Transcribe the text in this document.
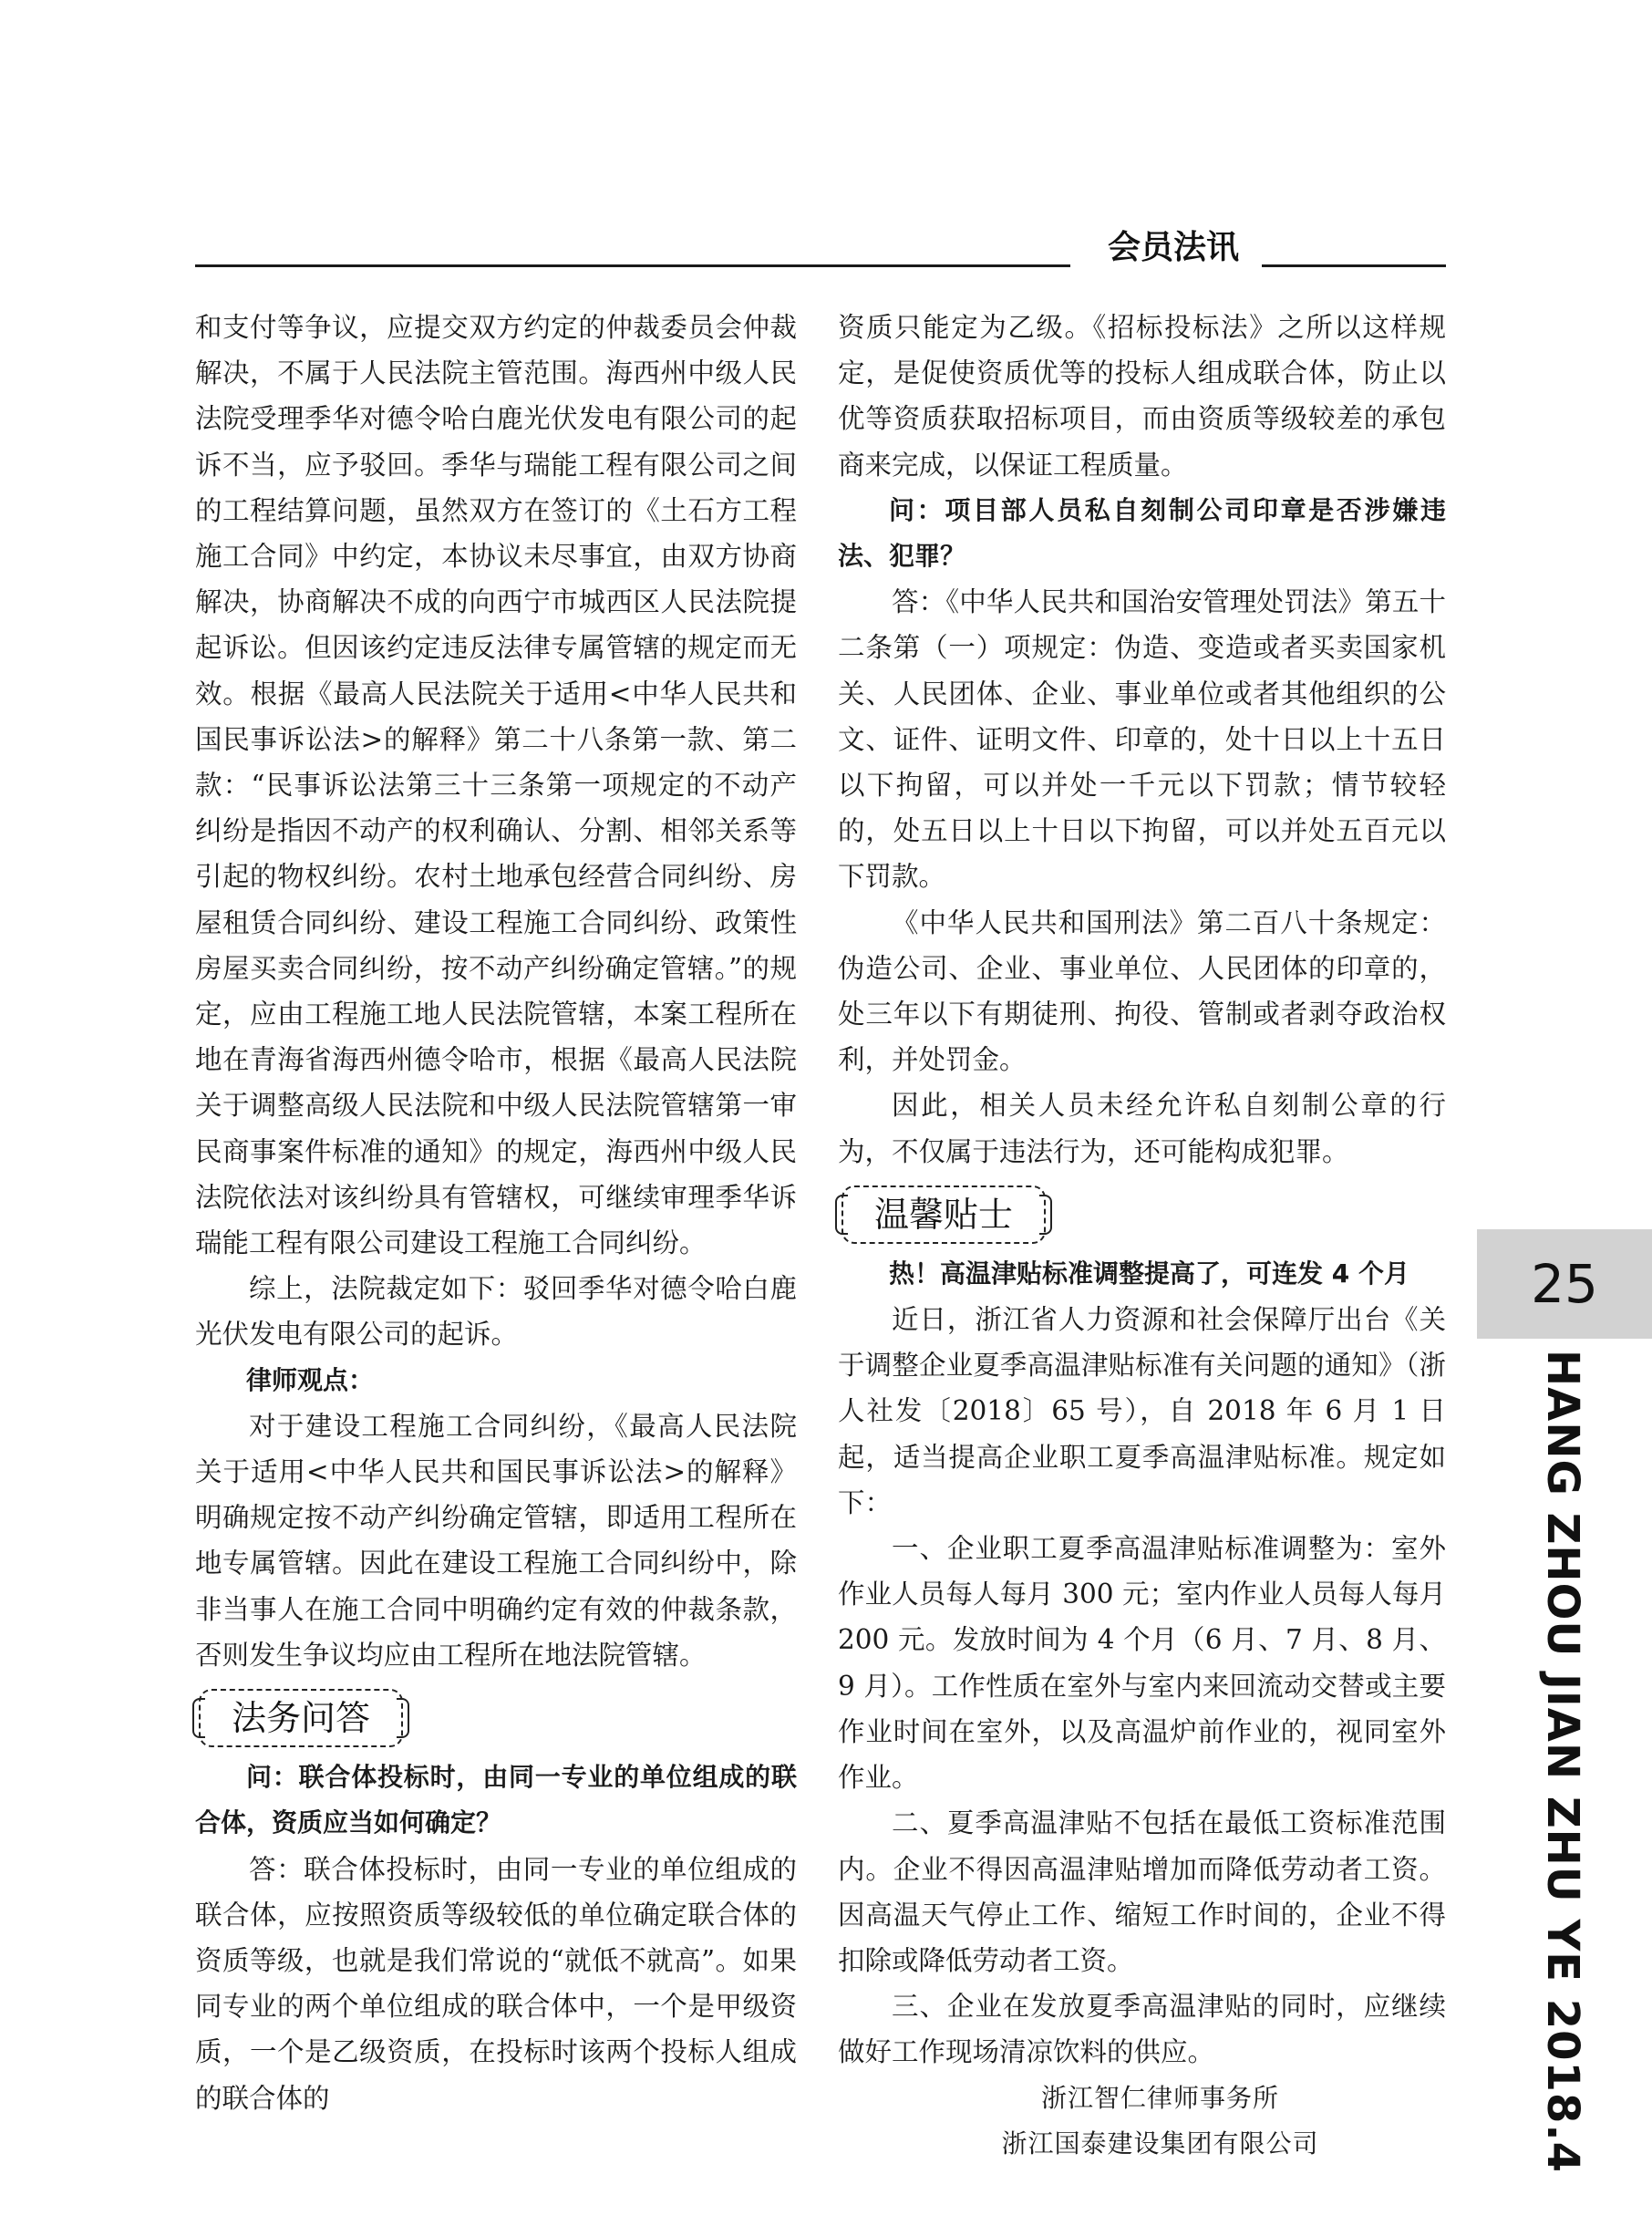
会员法讯

和支付等争议，应提交双方约定的仲裁委员会仲裁解决，不属于人民法院主管范围。海西州中级人民法院受理季华对德令哈白鹿光伏发电有限公司的起诉不当，应予驳回。季华与瑞能工程有限公司之间的工程结算问题，虽然双方在签订的《土石方工程施工合同》中约定，本协议未尽事宜，由双方协商解决，协商解决不成的向西宁市城西区人民法院提起诉讼。但因该约定违反法律专属管辖的规定而无效。根据《最高人民法院关于适用<中华人民共和国民事诉讼法>的解释》第二十八条第一款、第二款：“民事诉讼法第三十三条第一项规定的不动产纠纷是指因不动产的权利确认、分割、相邻关系等引起的物权纠纷。农村土地承包经营合同纠纷、房屋租赁合同纠纷、建设工程施工合同纠纷、政策性房屋买卖合同纠纷，按不动产纠纷确定管辖。”的规定，应由工程施工地人民法院管辖，本案工程所在地在青海省海西州德令哈市，根据《最高人民法院关于调整高级人民法院和中级人民法院管辖第一审民商事案件标准的通知》的规定，海西州中级人民法院依法对该纠纷具有管辖权，可继续审理季华诉瑞能工程有限公司建设工程施工合同纠纷。

综上，法院裁定如下：驳回季华对德令哈白鹿光伏发电有限公司的起诉。

律师观点：

对于建设工程施工合同纠纷，《最高人民法院关于适用<中华人民共和国民事诉讼法>的解释》明确规定按不动产纠纷确定管辖，即适用工程所在地专属管辖。因此在建设工程施工合同纠纷中，除非当事人在施工合同中明确约定有效的仲裁条款，否则发生争议均应由工程所在地法院管辖。

法务问答

问：联合体投标时，由同一专业的单位组成的联合体，资质应当如何确定？

答：联合体投标时，由同一专业的单位组成的联合体，应按照资质等级较低的单位确定联合体的资质等级，也就是我们常说的“就低不就高”。如果同专业的两个单位组成的联合体中，一个是甲级资质，一个是乙级资质，在投标时该两个投标人组成的联合体的

资质只能定为乙级。《招标投标法》之所以这样规定，是促使资质优等的投标人组成联合体，防止以优等资质获取招标项目，而由资质等级较差的承包商来完成，以保证工程质量。

问：项目部人员私自刻制公司印章是否涉嫌违法、犯罪？

答：《中华人民共和国治安管理处罚法》第五十二条第（一）项规定：伪造、变造或者买卖国家机关、人民团体、企业、事业单位或者其他组织的公文、证件、证明文件、印章的，处十日以上十五日以下拘留，可以并处一千元以下罚款；情节较轻的，处五日以上十日以下拘留，可以并处五百元以下罚款。

《中华人民共和国刑法》第二百八十条规定：伪造公司、企业、事业单位、人民团体的印章的，处三年以下有期徒刑、拘役、管制或者剥夺政治权利，并处罚金。

因此，相关人员未经允许私自刻制公章的行为，不仅属于违法行为，还可能构成犯罪。

温馨贴士

热！高温津贴标准调整提高了，可连发 4 个月

近日，浙江省人力资源和社会保障厅出台《关于调整企业夏季高温津贴标准有关问题的通知》（浙人社发〔2018〕65 号），自 2018 年 6 月 1 日起，适当提高企业职工夏季高温津贴标准。规定如下：

一、企业职工夏季高温津贴标准调整为：室外作业人员每人每月 300 元；室内作业人员每人每月 200 元。发放时间为 4 个月（6 月、7 月、8 月、9 月）。工作性质在室外与室内来回流动交替或主要作业时间在室外，以及高温炉前作业的，视同室外作业。

二、夏季高温津贴不包括在最低工资标准范围内。企业不得因高温津贴增加而降低劳动者工资。因高温天气停止工作、缩短工作时间的，企业不得扣除或降低劳动者工资。

三、企业在发放夏季高温津贴的同时，应继续做好工作现场清凉饮料的供应。

浙江智仁律师事务所

浙江国泰建设集团有限公司

25
HANG ZHOU JIAN ZHU YE 2018.4
